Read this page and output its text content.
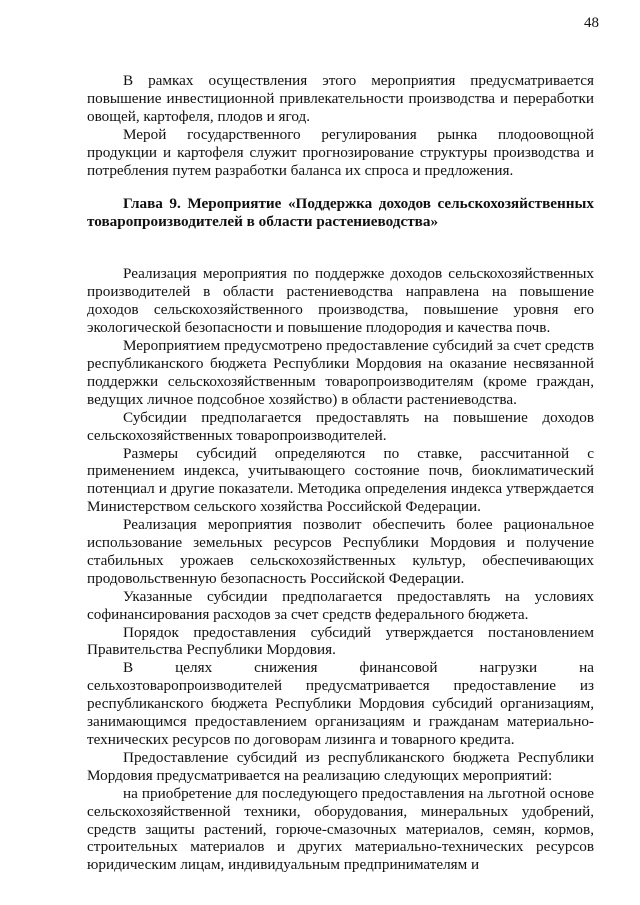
48

В рамках осуществления этого мероприятия предусматривается повышение инвестиционной привлекательности производства и переработки овощей, картофеля, плодов и ягод.

Мерой государственного регулирования рынка плодоовощной продукции и картофеля служит прогнозирование структуры производства и потребления путем разработки баланса их спроса и предложения.

Глава 9. Мероприятие «Поддержка доходов сельскохозяйственных товаропроизводителей в области растениеводства»

Реализация мероприятия по поддержке доходов сельскохозяйственных производителей в области растениеводства направлена на повышение доходов сельскохозяйственного производства, повышение уровня его экологической безопасности и повышение плодородия и качества почв.

Мероприятием предусмотрено предоставление субсидий за счет средств республиканского бюджета Республики Мордовия на оказание несвязанной поддержки сельскохозяйственным товаропроизводителям (кроме граждан, ведущих личное подсобное хозяйство) в области растениеводства.

Субсидии предполагается предоставлять на повышение доходов сельскохозяйственных товаропроизводителей.

Размеры субсидий определяются по ставке, рассчитанной с применением индекса, учитывающего состояние почв, биоклиматический потенциал и другие показатели. Методика определения индекса утверждается Министерством сельского хозяйства Российской Федерации.

Реализация мероприятия позволит обеспечить более рациональное использование земельных ресурсов Республики Мордовия и получение стабильных урожаев сельскохозяйственных культур, обеспечивающих продовольственную безопасность Российской Федерации.

Указанные субсидии предполагается предоставлять на условиях софинансирования расходов за счет средств федерального бюджета.

Порядок предоставления субсидий утверждается постановлением Правительства Республики Мордовия.

В целях снижения финансовой нагрузки на сельхозтоваропроизводителей предусматривается предоставление из республиканского бюджета Республики Мордовия субсидий организациям, занимающимся предоставлением организациям и гражданам материально-технических ресурсов по договорам лизинга и товарного кредита.

Предоставление субсидий из республиканского бюджета Республики Мордовия предусматривается на реализацию следующих мероприятий:

на приобретение для последующего предоставления на льготной основе сельскохозяйственной техники, оборудования, минеральных удобрений, средств защиты растений, горюче-смазочных материалов, семян, кормов, строительных материалов и других материально-технических ресурсов юридическим лицам, индивидуальным предпринимателям и
